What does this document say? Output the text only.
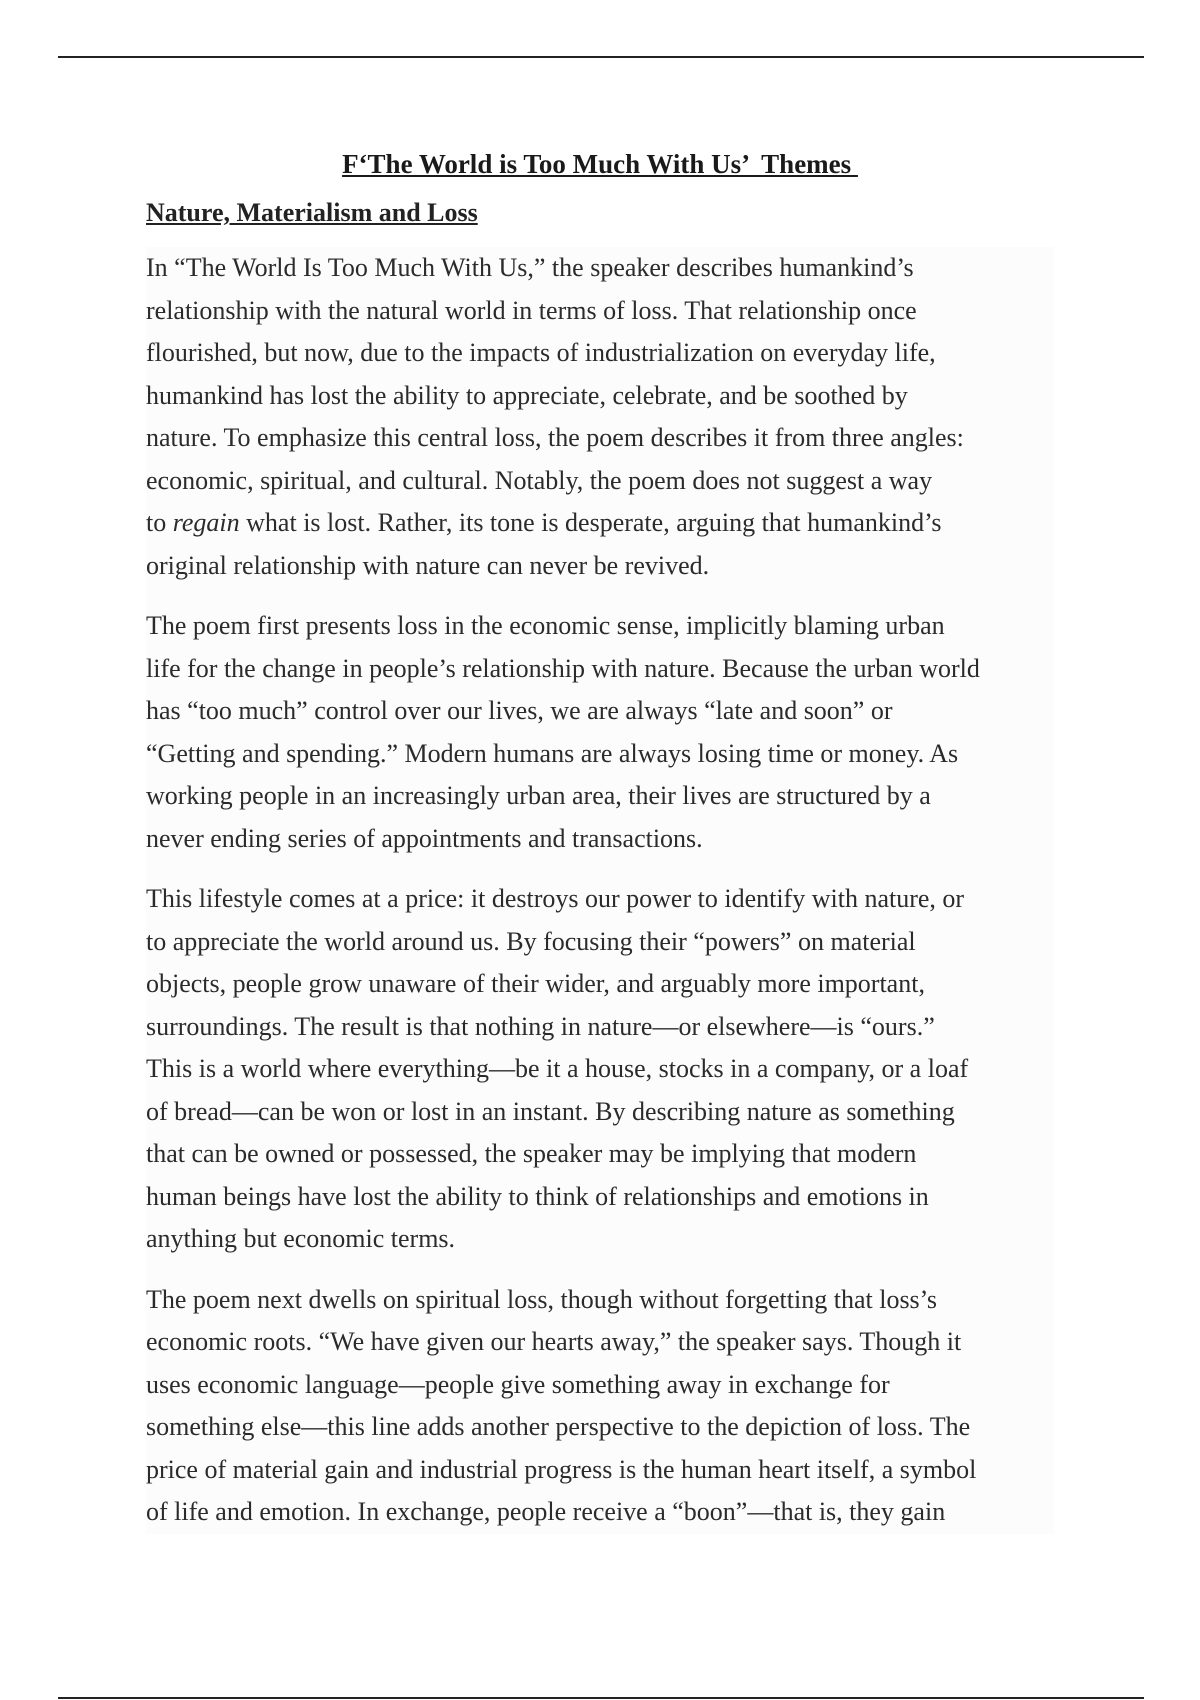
F‘The World is Too Much With Us’  Themes
Nature, Materialism and Loss

In “The World Is Too Much With Us,” the speaker describes humankind’s
relationship with the natural world in terms of loss. That relationship once
flourished, but now, due to the impacts of industrialization on everyday life,
humankind has lost the ability to appreciate, celebrate, and be soothed by
nature. To emphasize this central loss, the poem describes it from three angles:
economic, spiritual, and cultural. Notably, the poem does not suggest a way
to regain what is lost. Rather, its tone is desperate, arguing that humankind’s
original relationship with nature can never be revived.

The poem first presents loss in the economic sense, implicitly blaming urban
life for the change in people’s relationship with nature. Because the urban world
has “too much” control over our lives, we are always “late and soon” or
“Getting and spending.” Modern humans are always losing time or money. As
working people in an increasingly urban area, their lives are structured by a
never ending series of appointments and transactions.

This lifestyle comes at a price: it destroys our power to identify with nature, or
to appreciate the world around us. By focusing their “powers” on material
objects, people grow unaware of their wider, and arguably more important,
surroundings. The result is that nothing in nature—or elsewhere—is “ours.”
This is a world where everything—be it a house, stocks in a company, or a loaf
of bread—can be won or lost in an instant. By describing nature as something
that can be owned or possessed, the speaker may be implying that modern
human beings have lost the ability to think of relationships and emotions in
anything but economic terms.

The poem next dwells on spiritual loss, though without forgetting that loss’s
economic roots. “We have given our hearts away,” the speaker says. Though it
uses economic language—people give something away in exchange for
something else—this line adds another perspective to the depiction of loss. The
price of material gain and industrial progress is the human heart itself, a symbol
of life and emotion. In exchange, people receive a “boon”—that is, they gain
